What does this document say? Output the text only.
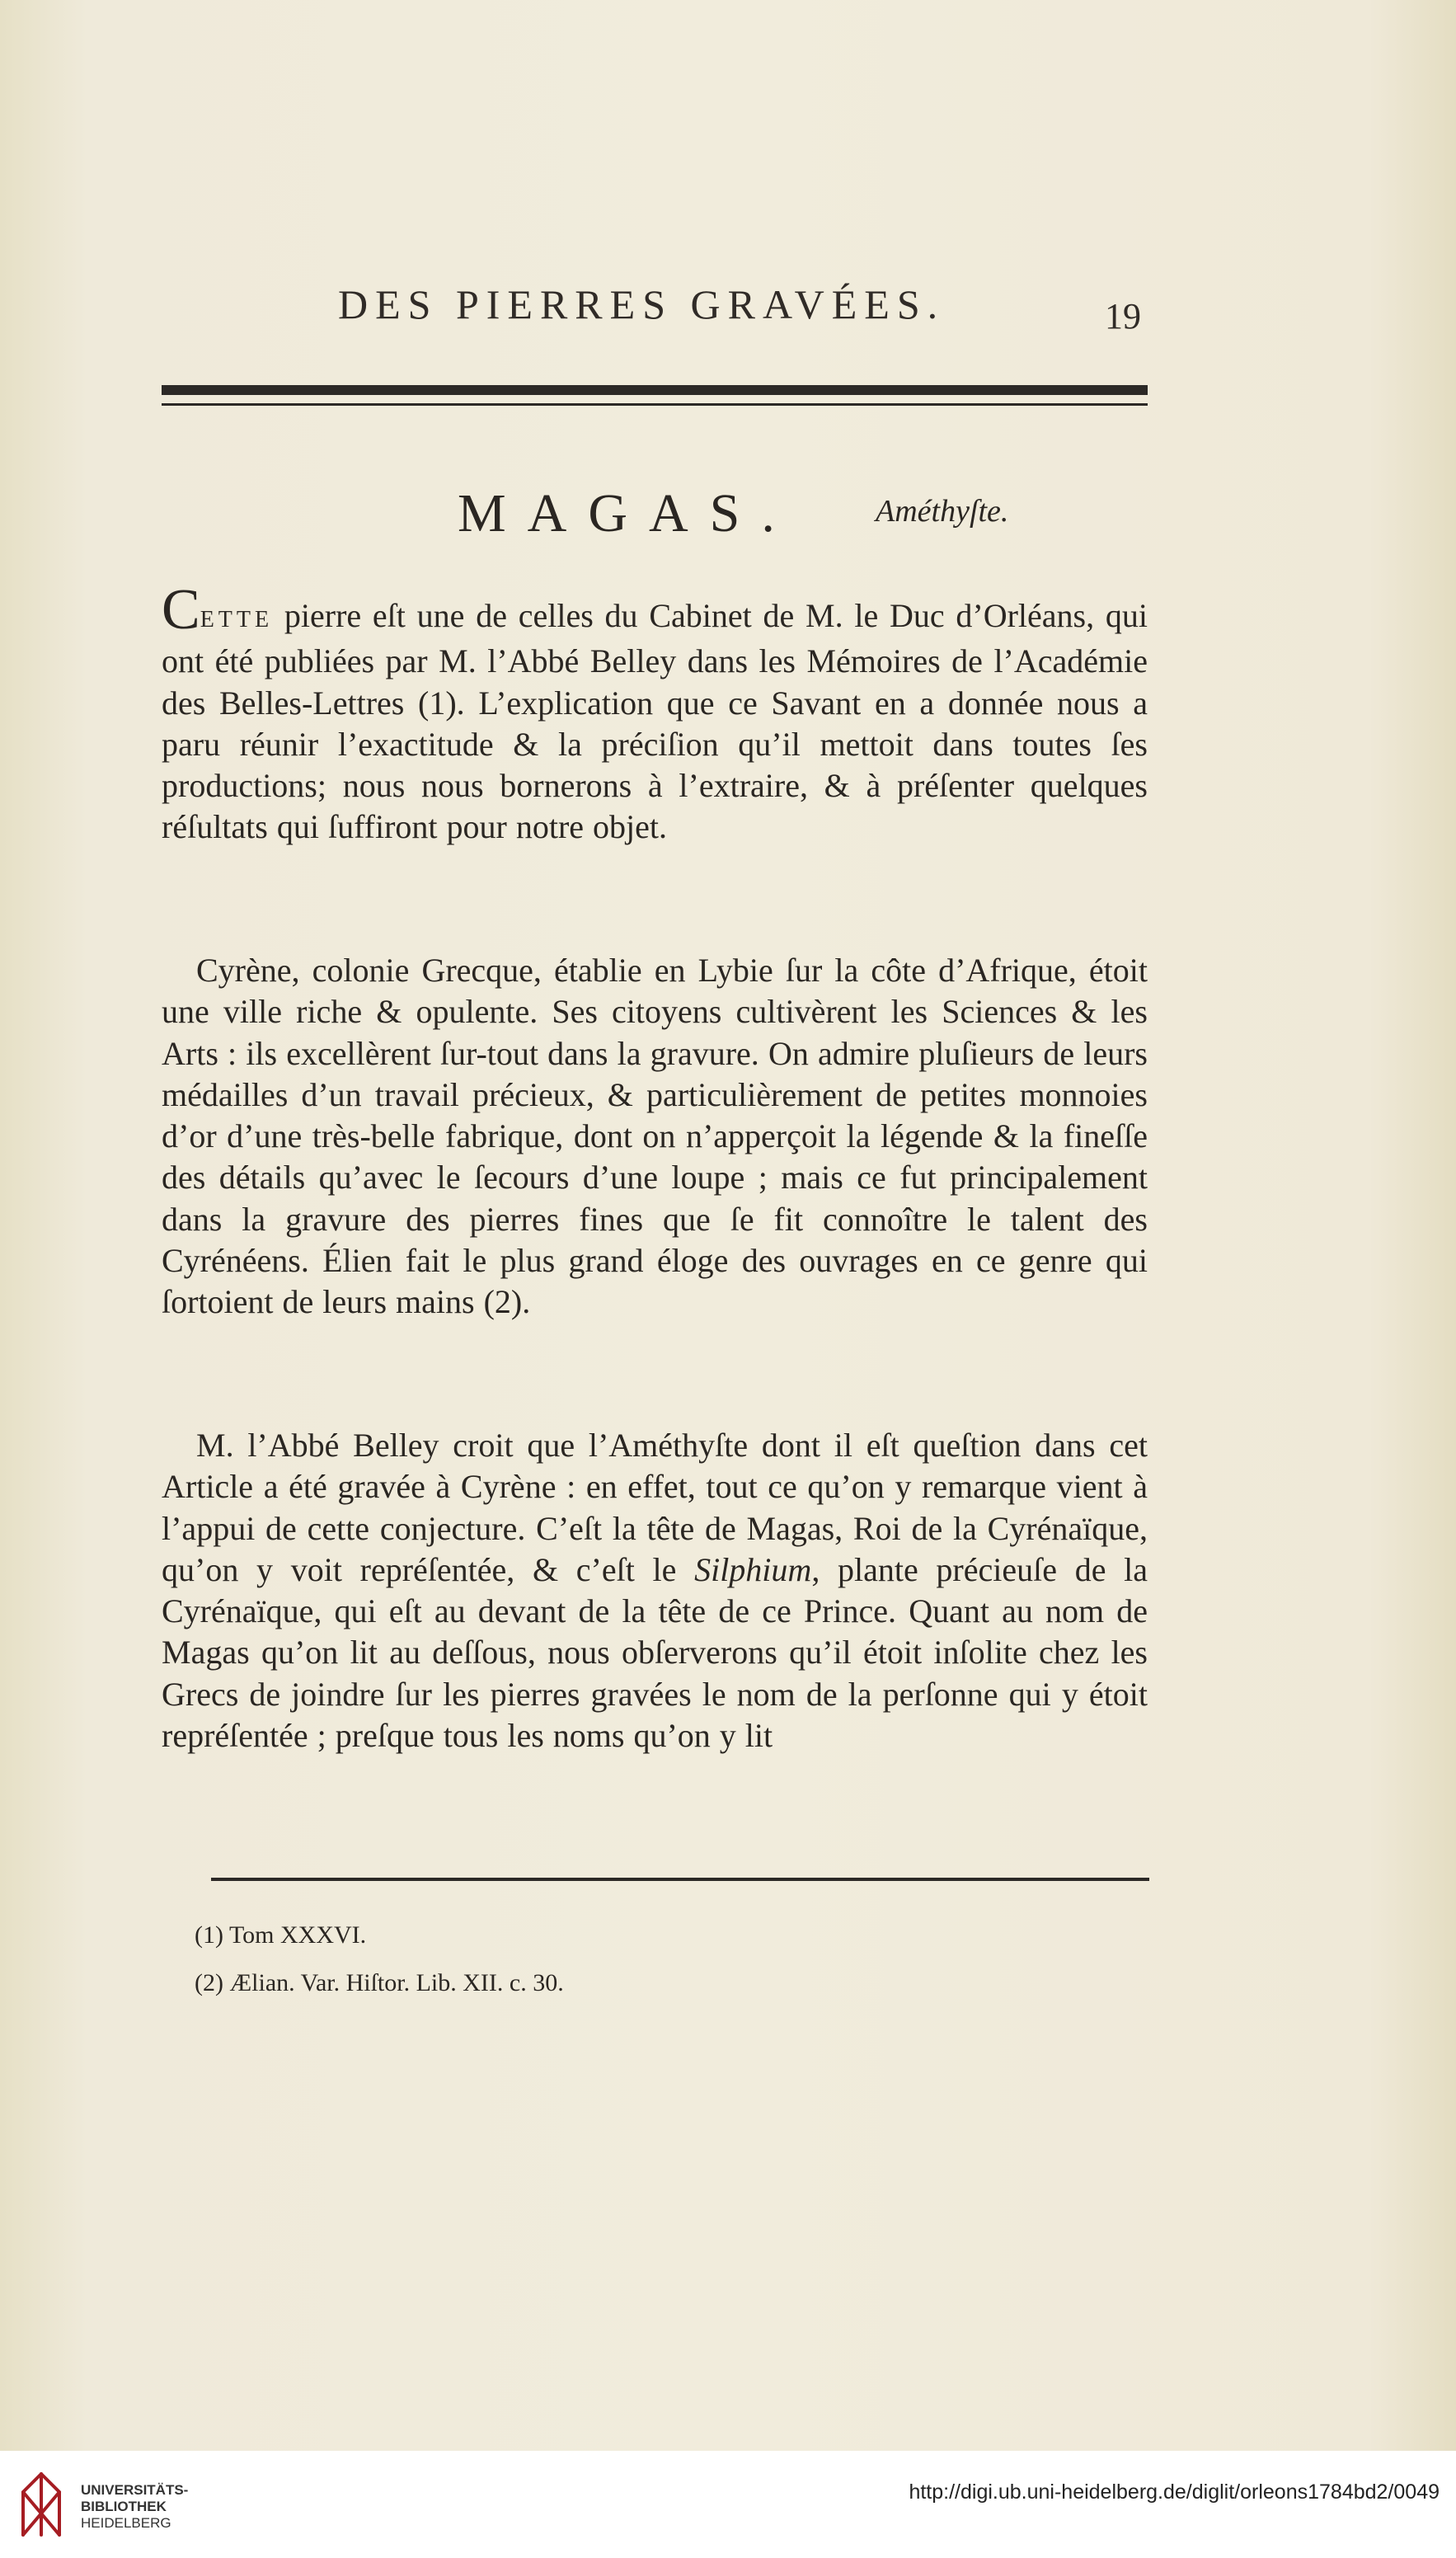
DES PIERRES GRAVÉES.	19
MAGAS.	Améthyſte.
CETTE pierre eſt une de celles du Cabinet de M. le Duc d’Orléans, qui ont été publiées par M. l’Abbé Belley dans les Mémoires de l’Académie des Belles-Lettres (1). L’explication que ce Savant en a donnée nous a paru réunir l’exactitude & la préciſion qu’il mettoit dans toutes ſes productions; nous nous bornerons à l’extraire, & à préſenter quelques réſultats qui ſuffiront pour notre objet.
Cyrène, colonie Grecque, établie en Lybie ſur la côte d’Afrique, étoit une ville riche & opulente. Ses citoyens cultivèrent les Sciences & les Arts : ils excellèrent ſur-tout dans la gravure. On admire pluſieurs de leurs médailles d’un travail précieux, & particulièrement de petites monnoies d’or d’une très-belle fabrique, dont on n’apperçoit la légende & la fineſſe des détails qu’avec le ſecours d’une loupe ; mais ce fut principalement dans la gravure des pierres fines que ſe fit connoître le talent des Cyrénéens. Élien fait le plus grand éloge des ouvrages en ce genre qui ſortoient de leurs mains (2).
M. l’Abbé Belley croit que l’Améthyſte dont il eſt queſtion dans cet Article a été gravée à Cyrène : en effet, tout ce qu’on y remarque vient à l’appui de cette conjecture. C’eſt la tête de Magas, Roi de la Cyrénaïque, qu’on y voit repréſentée, & c’eſt le Silphium, plante précieuſe de la Cyrénaïque, qui eſt au devant de la tête de ce Prince. Quant au nom de Magas qu’on lit au deſſous, nous obſerverons qu’il étoit inſolite chez les Grecs de joindre ſur les pierres gravées le nom de la perſonne qui y étoit repréſentée ; preſque tous les noms qu’on y lit
(1) Tom XXXVI.
(2) Ælian. Var. Hiſtor. Lib. XII. c. 30.
UNIVERSITÄTS-
BIBLIOTHEK
HEIDELBERG
http://digi.ub.uni-heidelberg.de/diglit/orleons1784bd2/0049
